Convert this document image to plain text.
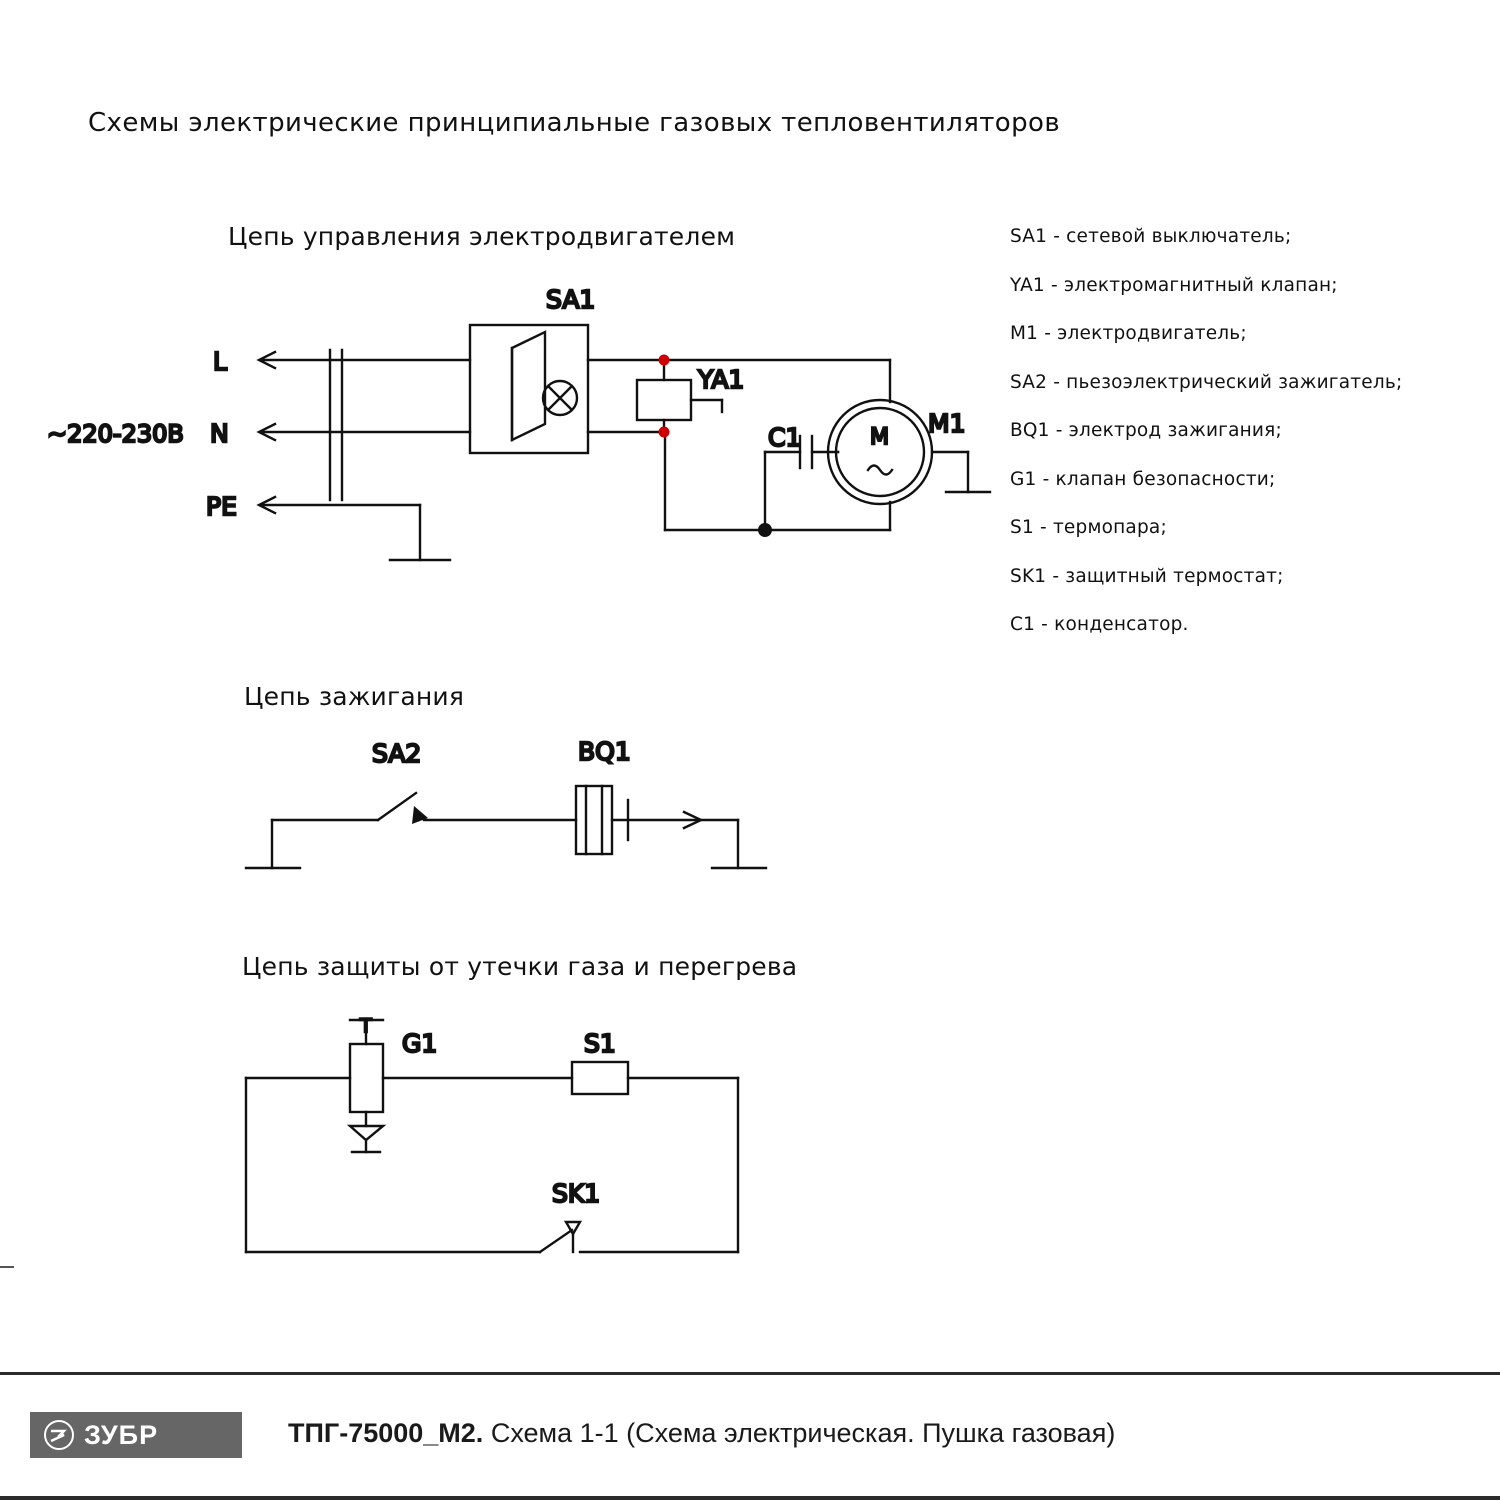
Схемы электрические принципиальные газовых тепловентиляторов
Цепь управления электродвигателем
Цепь зажигания
Цепь защиты от утечки газа и перегрева
SA1 - сетевой выключатель;
YA1 - электромагнитный клапан;
M1 - электродвигатель;
SA2 - пьезоэлектрический зажигатель;
BQ1 - электрод зажигания;
G1 - клапан безопасности;
S1 - термопара;
SK1 - защитный термостат;
C1 - конденсатор.
L
N
PE
~220-230В
SA1
YA1
C1	M1
M
SA2	BQ1
G1
T
S1
SK1
ЗУБР	ТПГ-75000_М2. Схема 1-1 (Схема электрическая. Пушка газовая)
